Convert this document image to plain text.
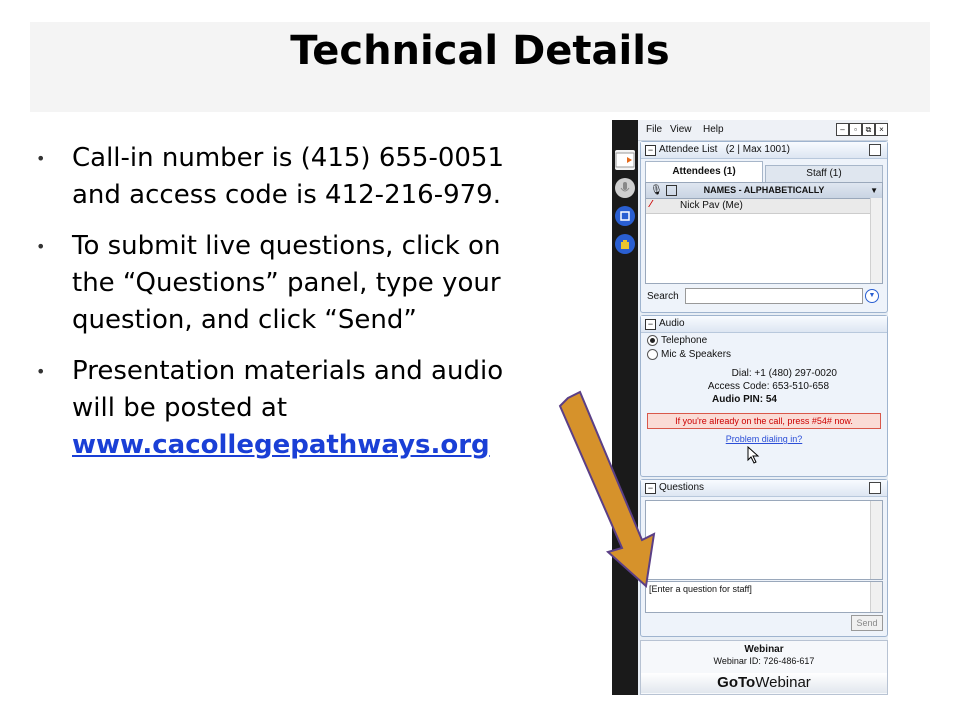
Technical Details
• Call-in number is (415) 655-0051 and access code is 412-216-979.
• To submit live questions, click on the “Questions” panel, type your question, and click “Send”
• Presentation materials and audio will be posted at
www.cacollegepathways.org
File View Help	–	▫	⧉ ×
− Attendee List (2 | Max 1001)
Attendees (1)	Staff (1)
🎙	NAMES - ALPHABETICALLY	▼
⁄	Nick Pav (Me)
Search	▼
− Audio
Telephone
Mic & Speakers
Dial: +1 (480) 297-0020
Access Code: 653-510-658
Audio PIN: 54
If you're already on the call, press #54# now.
Problem dialing in?
− Questions
[Enter a question for staff]
Send
Webinar
Webinar ID: 726-486-617
GoToWebinar
